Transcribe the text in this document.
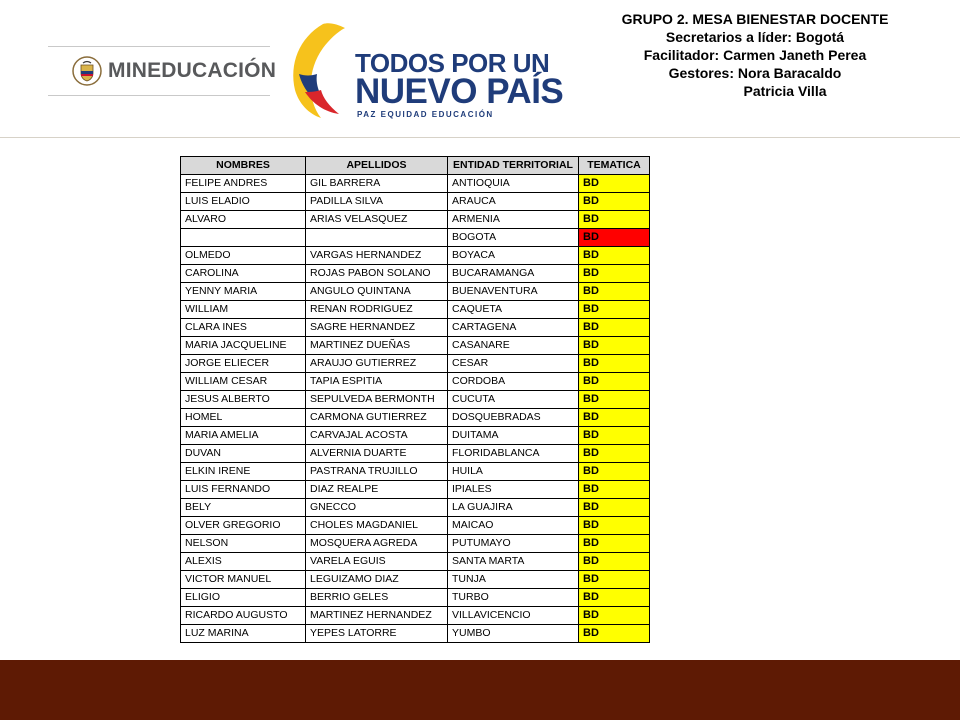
MINEDUCACIÓN	TODOS POR UN
NUEVO PAÍS
PAZ EQUIDAD EDUCACIÓN
GRUPO 2. MESA BIENESTAR DOCENTE
Secretarios a líder: Bogotá
Facilitador: Carmen Janeth Perea
Gestores: Nora Baracaldo
Patricia Villa
NOMBRES	APELLIDOS	ENTIDAD TERRITORIAL	TEMATICA
FELIPE ANDRES	GIL BARRERA	ANTIOQUIA	BD
LUIS ELADIO	PADILLA SILVA	ARAUCA	BD
ALVARO	ARIAS VELASQUEZ	ARMENIA	BD
		BOGOTA	BD
OLMEDO	VARGAS HERNANDEZ	BOYACA	BD
CAROLINA	ROJAS PABON SOLANO	BUCARAMANGA	BD
YENNY MARIA	ANGULO QUINTANA	BUENAVENTURA	BD
WILLIAM	RENAN RODRIGUEZ	CAQUETA	BD
CLARA INES	SAGRE HERNANDEZ	CARTAGENA	BD
MARIA JACQUELINE	MARTINEZ DUEÑAS	CASANARE	BD
JORGE ELIECER	ARAUJO GUTIERREZ	CESAR	BD
WILLIAM CESAR	TAPIA ESPITIA	CORDOBA	BD
JESUS ALBERTO	SEPULVEDA BERMONTH	CUCUTA	BD
HOMEL	CARMONA GUTIERREZ	DOSQUEBRADAS	BD
MARIA AMELIA	CARVAJAL ACOSTA	DUITAMA	BD
DUVAN	ALVERNIA DUARTE	FLORIDABLANCA	BD
ELKIN IRENE	PASTRANA TRUJILLO	HUILA	BD
LUIS FERNANDO	DIAZ REALPE	IPIALES	BD
BELY	GNECCO	LA GUAJIRA	BD
OLVER GREGORIO	CHOLES MAGDANIEL	MAICAO	BD
NELSON	MOSQUERA AGREDA	PUTUMAYO	BD
ALEXIS	VARELA EGUIS	SANTA MARTA	BD
VICTOR MANUEL	LEGUIZAMO DIAZ	TUNJA	BD
ELIGIO	BERRIO GELES	TURBO	BD
RICARDO AUGUSTO	MARTINEZ HERNANDEZ	VILLAVICENCIO	BD
LUZ MARINA	YEPES LATORRE	YUMBO	BD
